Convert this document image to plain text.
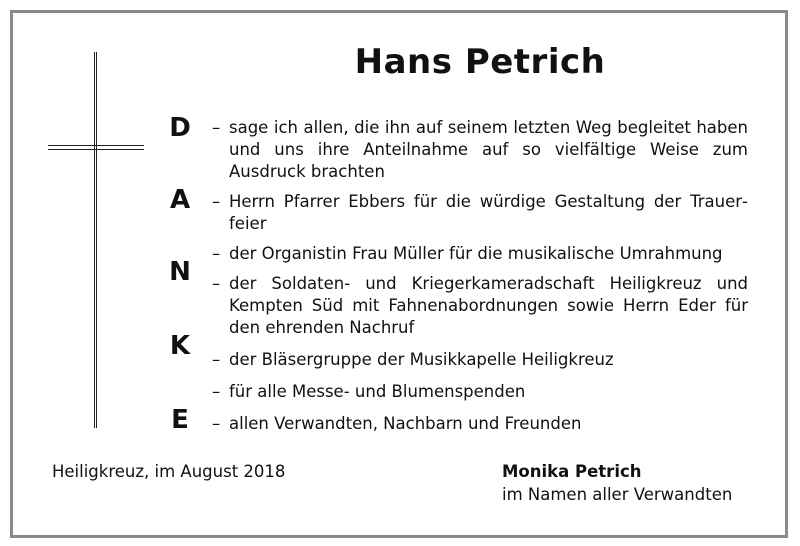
Hans Petrich
D
A
N
K
E
– sage ich allen, die ihn auf seinem letzten Weg begleitet haben und uns ihre Anteilnahme auf so vielfältige Weise zum Ausdruck brachten
– Herrn Pfarrer Ebbers für die würdige Gestaltung der Trauerfeier
– der Organistin Frau Müller für die musikalische Umrahmung
– der Soldaten- und Kriegerkameradschaft Heiligkreuz und Kempten Süd mit Fahnenabordnungen sowie Herrn Eder für den ehrenden Nachruf
– der Bläsergruppe der Musikkapelle Heiligkreuz
– für alle Messe- und Blumenspenden
– allen Verwandten, Nachbarn und Freunden
Heiligkreuz, im August 2018	Monika Petrich
im Namen aller Verwandten
